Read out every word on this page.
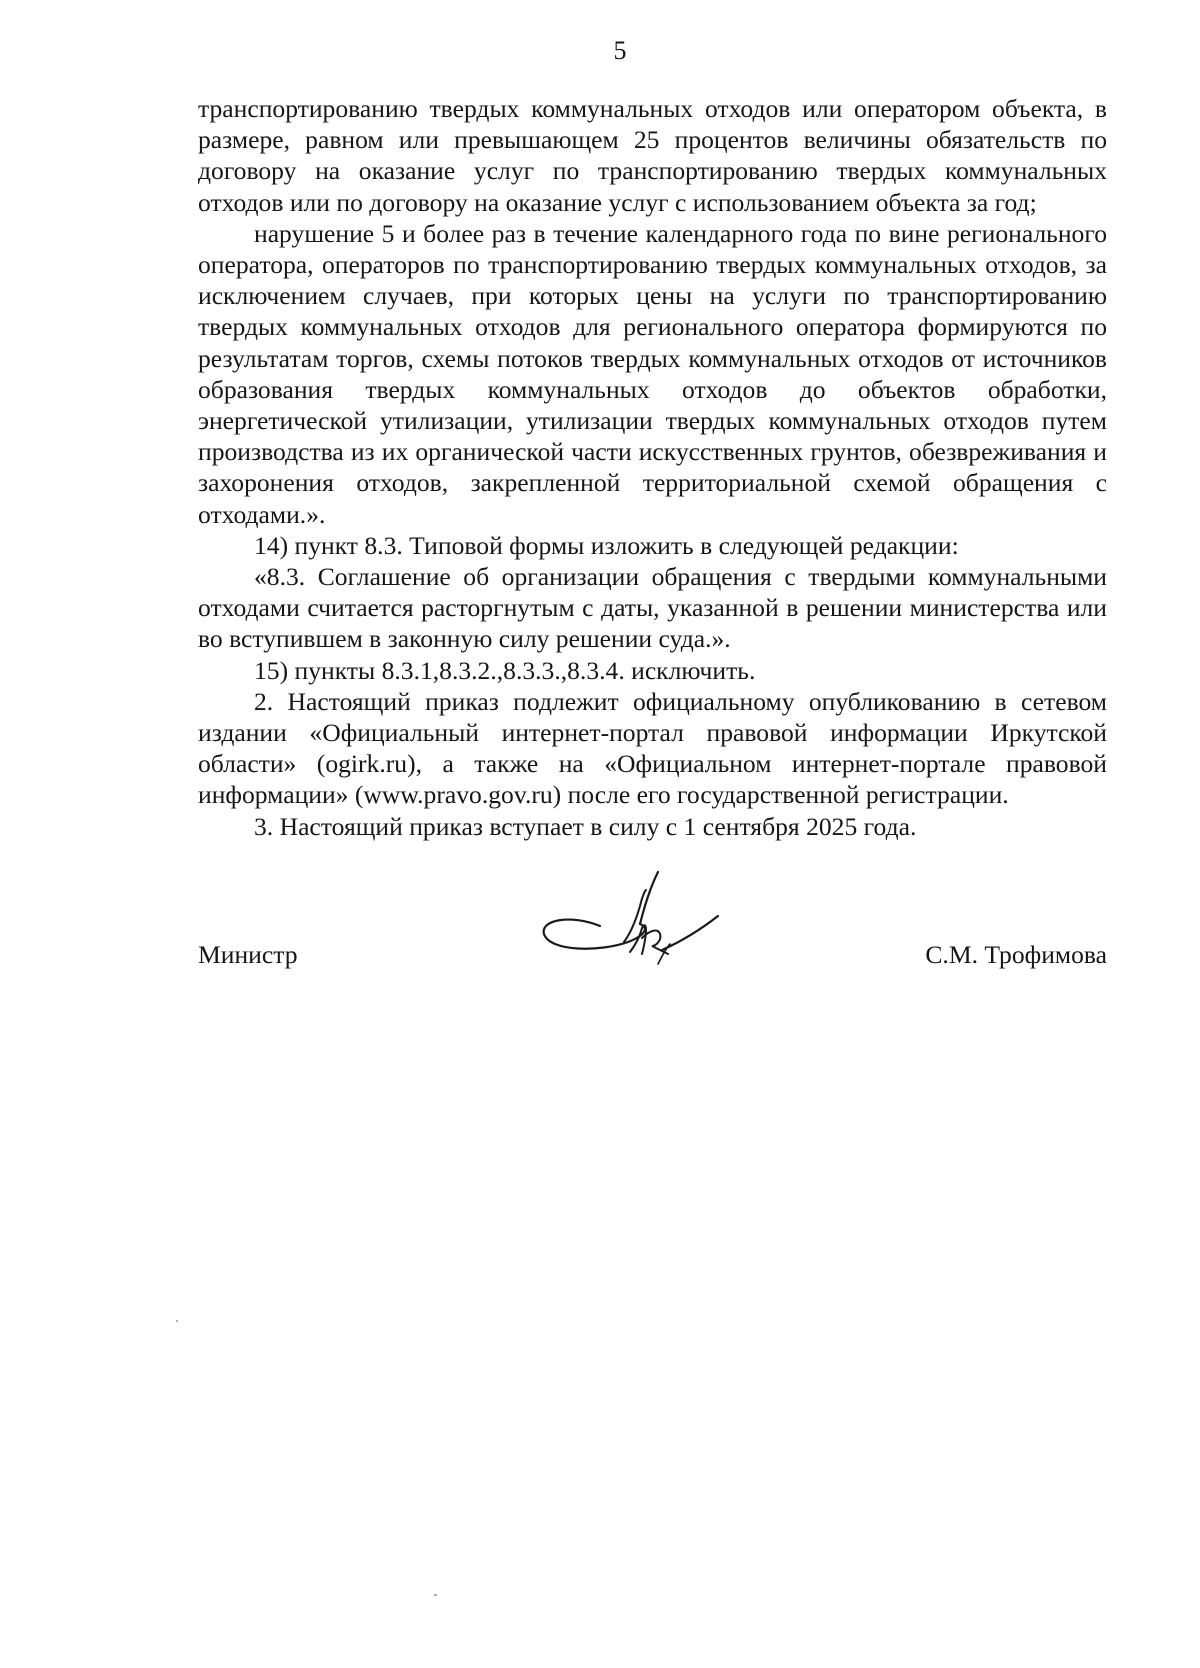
5

транспортированию твердых коммунальных отходов или оператором объекта, в размере, равном или превышающем 25 процентов величины обязательств по договору на оказание услуг по транспортированию твердых коммунальных отходов или по договору на оказание услуг с использованием объекта за год;

нарушение 5 и более раз в течение календарного года по вине регионального оператора, операторов по транспортированию твердых коммунальных отходов, за исключением случаев, при которых цены на услуги по транспортированию твердых коммунальных отходов для регионального оператора формируются по результатам торгов, схемы потоков твердых коммунальных отходов от источников образования твердых коммунальных отходов до объектов обработки, энергетической утилизации, утилизации твердых коммунальных отходов путем производства из их органической части искусственных грунтов, обезвреживания и захоронения отходов, закрепленной территориальной схемой обращения с отходами.».

14) пункт 8.3. Типовой формы изложить в следующей редакции:

«8.3. Соглашение об организации обращения с твердыми коммунальными отходами считается расторгнутым с даты, указанной в решении министерства или во вступившем в законную силу решении суда.».

15) пункты 8.3.1,8.3.2.,8.3.3.,8.3.4. исключить.

2. Настоящий приказ подлежит официальному опубликованию в сетевом издании «Официальный интернет-портал правовой информации Иркутской области» (ogirk.ru), а также на «Официальном интернет-портале правовой информации» (www.pravo.gov.ru) после его государственной регистрации.

3. Настоящий приказ вступает в силу с 1 сентября 2025 года.

Министр	С.М. Трофимова
